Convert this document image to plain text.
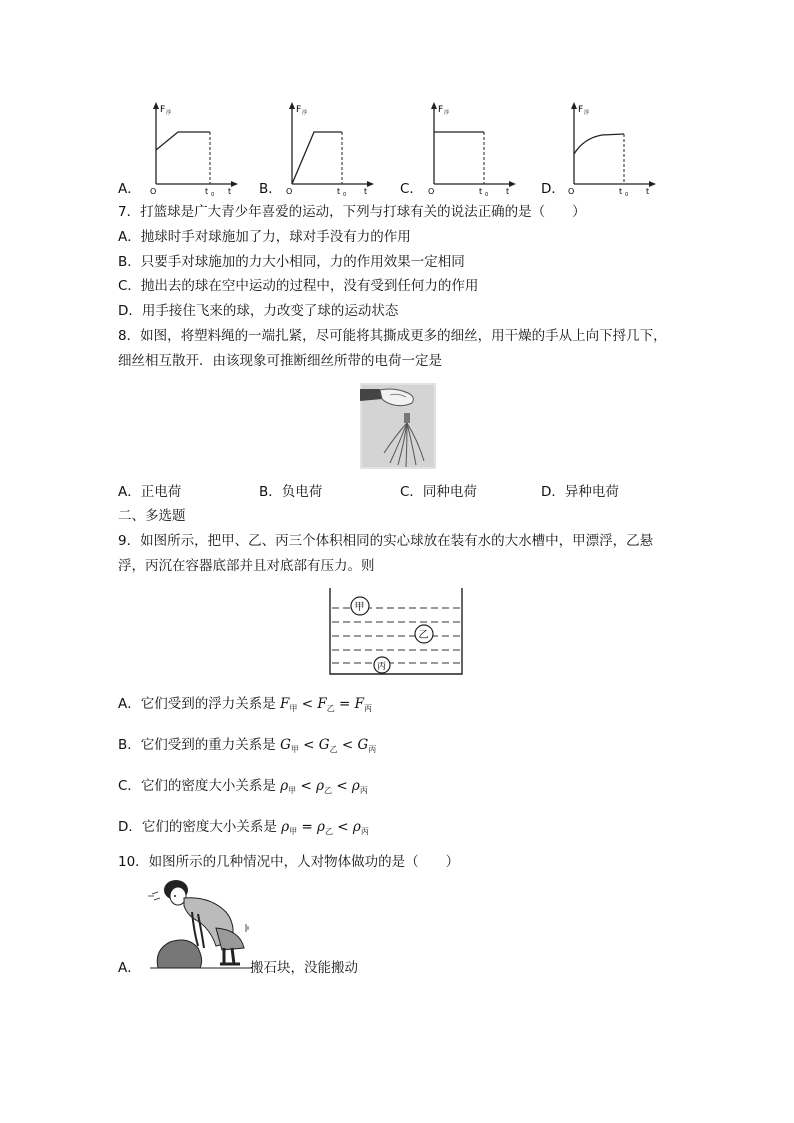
A．
F 浮
O	t 0 t B．
F 浮
O	t 0 t C．
F 浮
O	t 0 t D．
F 浮
O	t 0 t
7．打篮球是广大青少年喜爱的运动，下列与打球有关的说法正确的是（　　）
A．抛球时手对球施加了力，球对手没有力的作用
B．只要手对球施加的力大小相同，力的作用效果一定相同
C．抛出去的球在空中运动的过程中，没有受到任何力的作用
D．用手接住飞来的球，力改变了球的运动状态
8．如图，将塑料绳的一端扎紧，尽可能将其撕成更多的细丝，用干燥的手从上向下捋几下，
细丝相互散开．由该现象可推断细丝所带的电荷一定是
A．正电荷	B．负电荷	C．同种电荷	D．异种电荷
二、多选题
9．如图所示，把甲、乙、丙三个体积相同的实心球放在装有水的大水槽中，甲漂浮，乙悬
浮，丙沉在容器底部并且对底部有压力。则
甲
乙
丙
A．它们受到的浮力关系是 $F_甲 < F_乙 = F_丙$
B．它们受到的重力关系是 $G_甲 < G_乙 < G_丙$
C．它们的密度大小关系是 $\rho_甲 < \rho_乙 < \rho_丙$
D．它们的密度大小关系是 $\rho_甲 = \rho_乙 < \rho_丙$
10．如图所示的几种情况中，人对物体做功的是（　　）
A．	搬石块，没能搬动
